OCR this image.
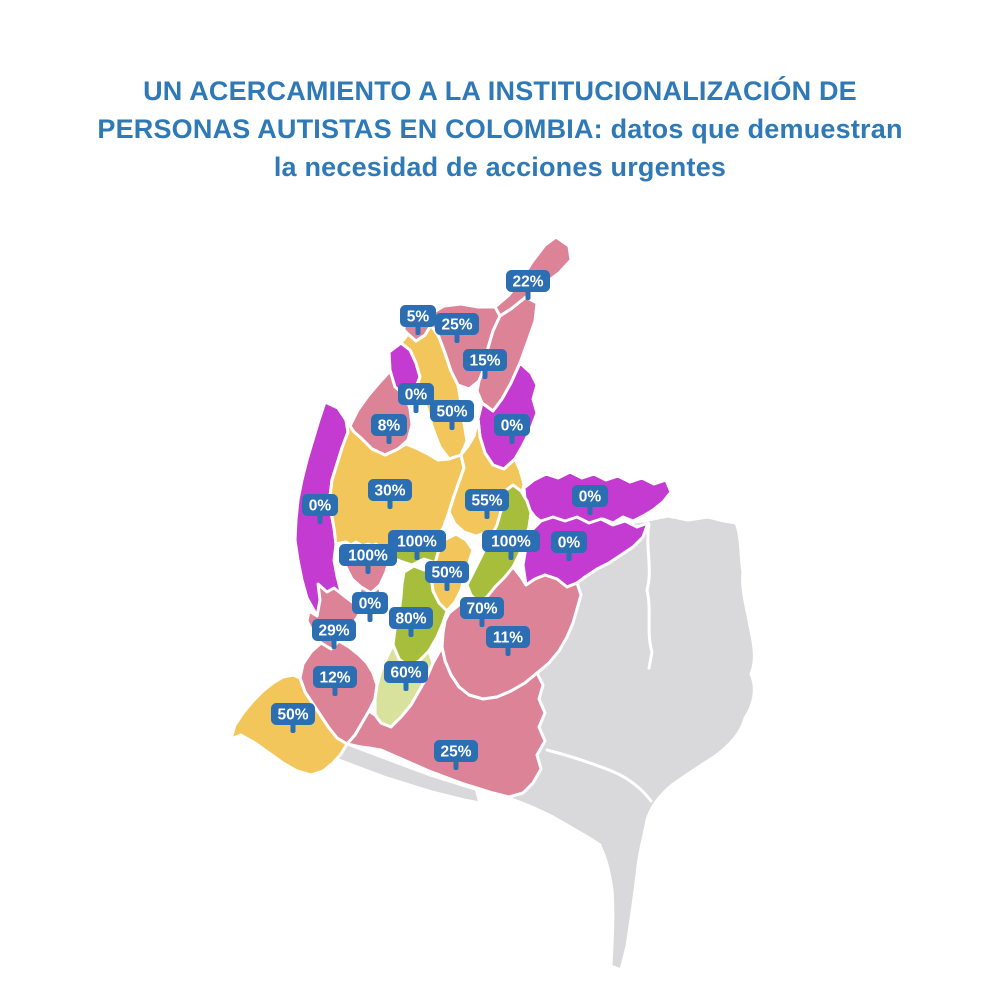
UN ACERCAMIENTO A LA INSTITUCIONALIZACIÓN DE
PERSONAS AUTISTAS EN COLOMBIA: datos que demuestran
la necesidad de acciones urgentes
22%
5% 25%
15%
0%
50%
8%	0%
30%
55%	0%
0%
100%
100%
100% 0%
50%
0%
80%
70%
29%	11%
12%	60%
50%
25%
